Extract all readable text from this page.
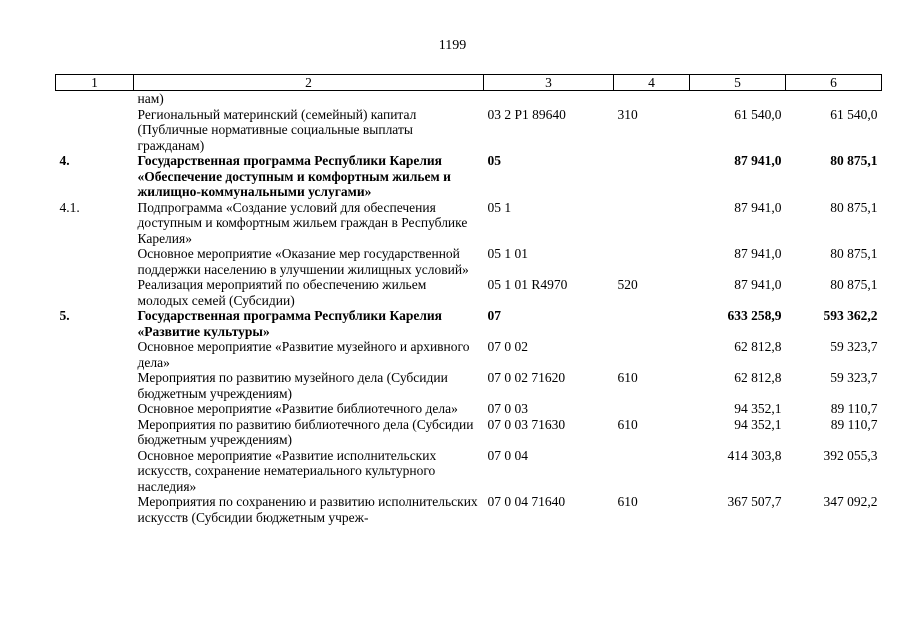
1199
1	2	3	4	5	6
	нам)				
	Региональный материнский (семейный) капитал (Публичные нормативные социальные выплаты гражданам)	03 2 P1 89640	310	61 540,0	61 540,0
4.	Государственная программа Республики Карелия «Обеспечение доступным и комфортным жильем и жилищно-коммунальными услугами»	05		87 941,0	80 875,1
4.1.	Подпрограмма «Создание условий для обеспечения доступным и комфортным жильем граждан в Республике Карелия»	05 1		87 941,0	80 875,1
	Основное мероприятие «Оказание мер государственной поддержки населению в улучшении жилищных условий»	05 1 01		87 941,0	80 875,1
	Реализация мероприятий по обеспечению жильем молодых семей (Субсидии)	05 1 01 R4970	520	87 941,0	80 875,1
5.	Государственная программа Республики Карелия «Развитие культуры»	07		633 258,9	593 362,2
	Основное мероприятие «Развитие музейного и архивного дела»	07 0 02		62 812,8	59 323,7
	Мероприятия по развитию музейного дела (Субсидии бюджетным учреждениям)	07 0 02 71620	610	62 812,8	59 323,7
	Основное мероприятие «Развитие библиотечного дела»	07 0 03		94 352,1	89 110,7
	Мероприятия по развитию библиотечного дела (Субсидии бюджетным учреждениям)	07 0 03 71630	610	94 352,1	89 110,7
	Основное мероприятие «Развитие исполнительских искусств, сохранение нематериального культурного наследия»	07 0 04		414 303,8	392 055,3
	Мероприятия по сохранению и развитию исполнительских искусств (Субсидии бюджетным учреж-	07 0 04 71640	610	367 507,7	347 092,2
